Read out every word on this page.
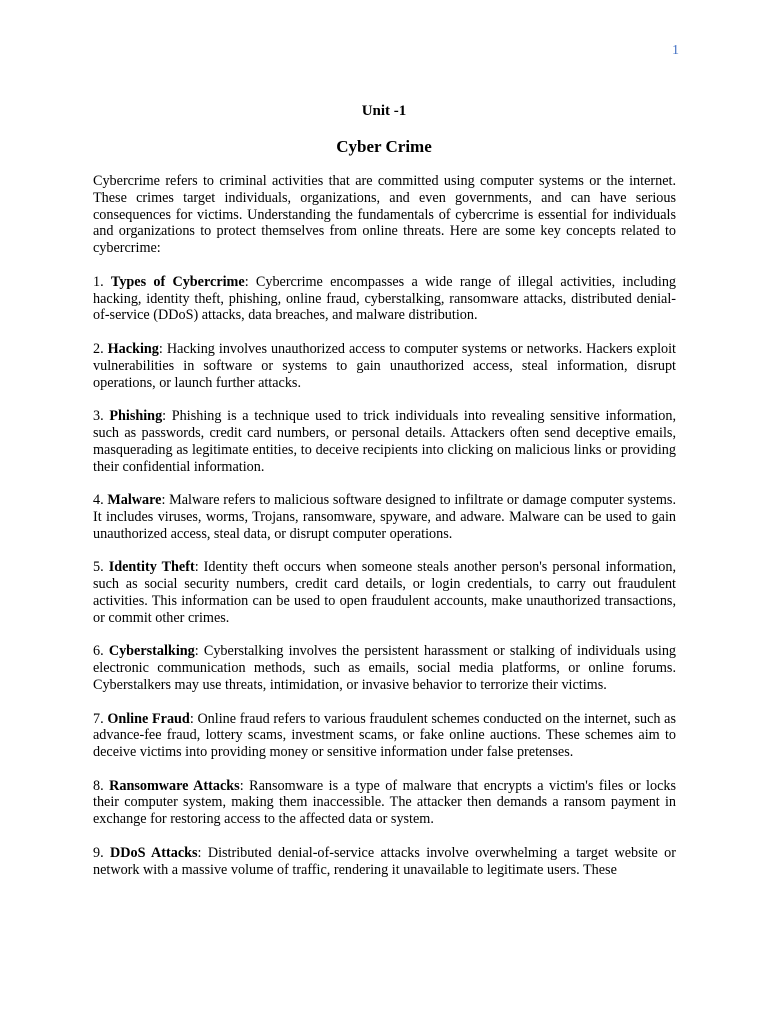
1
Unit -1
Cyber Crime

Cybercrime refers to criminal activities that are committed using computer systems or the internet. These crimes target individuals, organizations, and even governments, and can have serious consequences for victims. Understanding the fundamentals of cybercrime is essential for individuals and organizations to protect themselves from online threats. Here are some key concepts related to cybercrime:

1. Types of Cybercrime: Cybercrime encompasses a wide range of illegal activities, including hacking, identity theft, phishing, online fraud, cyberstalking, ransomware attacks, distributed denial-of-service (DDoS) attacks, data breaches, and malware distribution.

2. Hacking: Hacking involves unauthorized access to computer systems or networks. Hackers exploit vulnerabilities in software or systems to gain unauthorized access, steal information, disrupt operations, or launch further attacks.

3. Phishing: Phishing is a technique used to trick individuals into revealing sensitive information, such as passwords, credit card numbers, or personal details. Attackers often send deceptive emails, masquerading as legitimate entities, to deceive recipients into clicking on malicious links or providing their confidential information.

4. Malware: Malware refers to malicious software designed to infiltrate or damage computer systems. It includes viruses, worms, Trojans, ransomware, spyware, and adware. Malware can be used to gain unauthorized access, steal data, or disrupt computer operations.

5. Identity Theft: Identity theft occurs when someone steals another person's personal information, such as social security numbers, credit card details, or login credentials, to carry out fraudulent activities. This information can be used to open fraudulent accounts, make unauthorized transactions, or commit other crimes.

6. Cyberstalking: Cyberstalking involves the persistent harassment or stalking of individuals using electronic communication methods, such as emails, social media platforms, or online forums. Cyberstalkers may use threats, intimidation, or invasive behavior to terrorize their victims.

7. Online Fraud: Online fraud refers to various fraudulent schemes conducted on the internet, such as advance-fee fraud, lottery scams, investment scams, or fake online auctions. These schemes aim to deceive victims into providing money or sensitive information under false pretenses.

8. Ransomware Attacks: Ransomware is a type of malware that encrypts a victim's files or locks their computer system, making them inaccessible. The attacker then demands a ransom payment in exchange for restoring access to the affected data or system.

9. DDoS Attacks: Distributed denial-of-service attacks involve overwhelming a target website or network with a massive volume of traffic, rendering it unavailable to legitimate users. These
